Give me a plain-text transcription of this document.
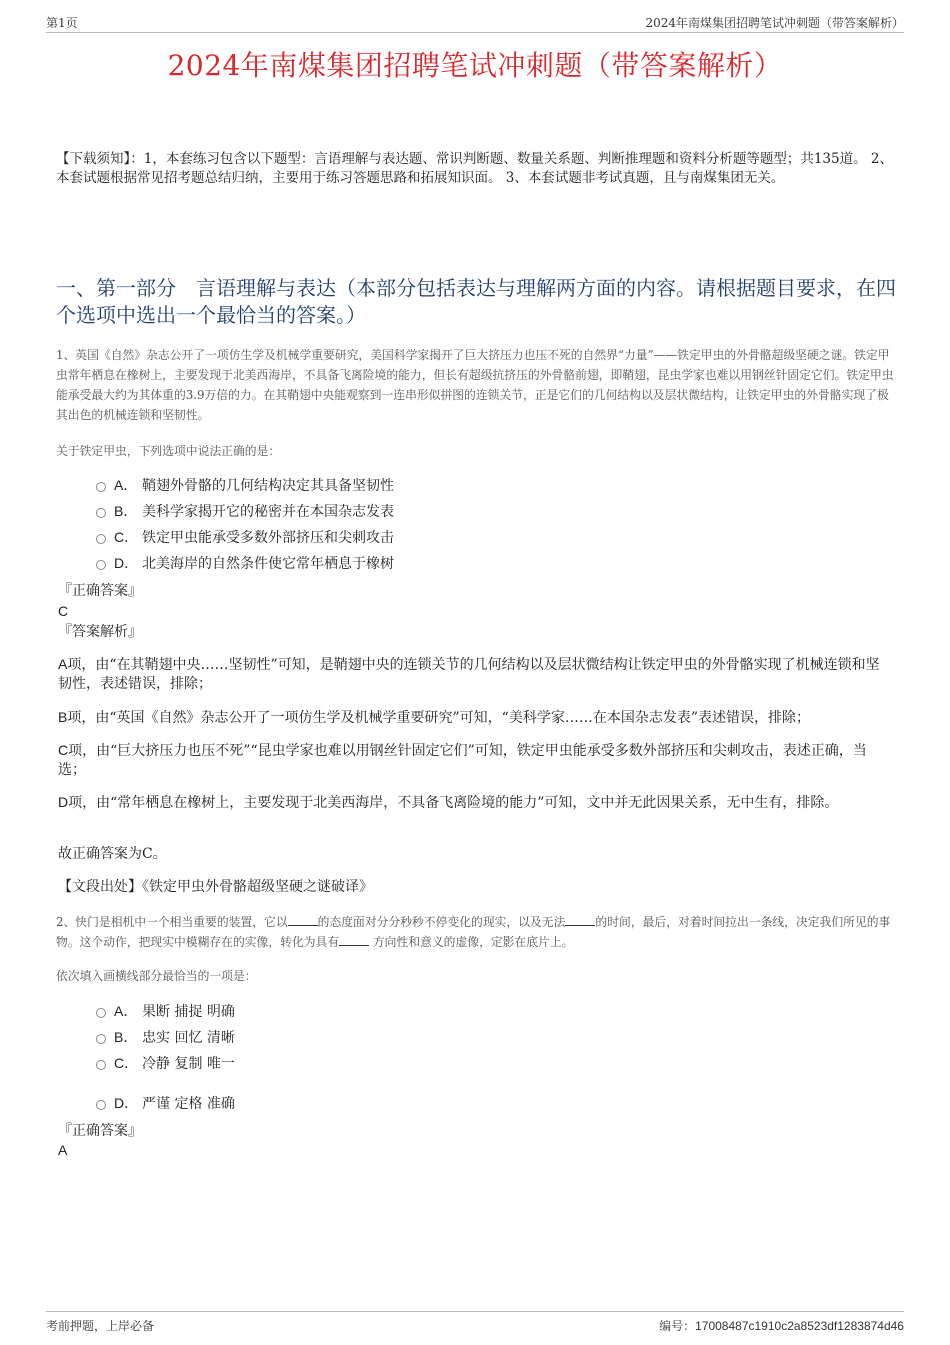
第1页	2024年南煤集团招聘笔试冲刺题（带答案解析）
2024年南煤集团招聘笔试冲刺题（带答案解析）
【下载须知】：1，本套练习包含以下题型：言语理解与表达题、常识判断题、数量关系题、判断推理题和资料分析题等题型；共135道。 2、本套试题根据常见招考题总结归纳，主要用于练习答题思路和拓展知识面。 3、本套试题非考试真题，且与南煤集团无关。
一、第一部分　言语理解与表达（本部分包括表达与理解两方面的内容。请根据题目要求，在四个选项中选出一个最恰当的答案。）
1、英国《自然》杂志公开了一项仿生学及机械学重要研究，美国科学家揭开了巨大挤压力也压不死的自然界“力量”——铁定甲虫的外骨骼超级坚硬之谜。铁定甲虫常年栖息在橡树上，主要发现于北美西海岸，不具备飞离险境的能力，但长有超级抗挤压的外骨骼前翅，即鞘翅，昆虫学家也难以用钢丝针固定它们。铁定甲虫能承受最大约为其体重的3.9万倍的力。在其鞘翅中央能观察到一连串形似拼图的连锁关节，正是它们的几何结构以及层状微结构，让铁定甲虫的外骨骼实现了极其出色的机械连锁和坚韧性。
关于铁定甲虫，下列选项中说法正确的是：
A． 鞘翅外骨骼的几何结构决定其具备坚韧性
B． 美科学家揭开它的秘密并在本国杂志发表
C． 铁定甲虫能承受多数外部挤压和尖刺攻击
D． 北美海岸的自然条件使它常年栖息于橡树
『正确答案』
C
『答案解析』
A项，由“在其鞘翅中央……坚韧性”可知，是鞘翅中央的连锁关节的几何结构以及层状微结构让铁定甲虫的外骨骼实现了机械连锁和坚韧性，表述错误，排除；
B项，由“英国《自然》杂志公开了一项仿生学及机械学重要研究”可知，“美科学家……在本国杂志发表”表述错误，排除；
C项，由“巨大挤压力也压不死”“昆虫学家也难以用钢丝针固定它们”可知，铁定甲虫能承受多数外部挤压和尖刺攻击，表述正确，当选；
D项，由“常年栖息在橡树上，主要发现于北美西海岸，不具备飞离险境的能力”可知，文中并无此因果关系，无中生有，排除。
故正确答案为C。
【文段出处】《铁定甲虫外骨骼超级坚硬之谜破译》
2、快门是相机中一个相当重要的装置，它以	的态度面对分分秒秒不停变化的现实，以及无法	的时间，最后，对着时间拉出一条线，决定我们所见的事物。这个动作，把现实中模糊存在的实像，转化为具有	方向性和意义的虚像，定影在底片上。
依次填入画横线部分最恰当的一项是：
A． 果断 捕捉 明确
B． 忠实 回忆 清晰
C． 冷静 复制 唯一
D． 严谨 定格 准确
『正确答案』
A
考前押题，上岸必备	编号：17008487c1910c2a8523df1283874d46
